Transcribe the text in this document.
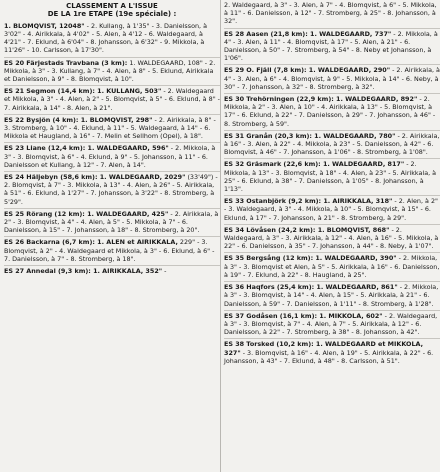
CLASSEMENT A L'ISSUE
DE LA 1re ETAPE (19e spéciale) :
1. BLOMQVIST, 12048" - 2. Kullang, à 1'35" - 3. Danielsson, à 3'02" - 4. Airikkala, à 4'02" - 5. Alen, à 4'12 - 6. Waldegaard, à 4'21" - 7. Eklund, à 6'04" - 8. Johansson, à 6'32" - 9. Mikkola, à 11'26" - 10. Carlsson, à 17'30".
ES 20 Färjestads Travbana (3 km): 1. WALDEGAARD, 108" - 2. Mikkola, à 3" - 3. Kullang, à 7" - 4. Alen, à 8" - 5. Eklund, Airikkala et Danielsson, à 9" - 8. Blomqvist, à 10".
ES 21 Segmon (14,4 km): 1. KULLANG, 503" - 2. Waldegaard et Mikkola, à 3" - 4. Alen, à 2" - 5. Blomqvist, à 5" - 6. Eklund, à 8" - 7. Airikkala, à 14" - 8. Alen, à 21".
ES 22 Bysjön (4 km): 1. BLOMQVIST, 298" - 2. Airikkala, à 8" - 3. Stromberg, à 10" - 4. Eklund, à 11" - 5. Waldegaard, à 14" - 6. Mikkola et Haugland, à 16" - 7. Melin et Sellhom (Opel), à 18".
ES 23 Liane (12,4 km): 1. WALDEGAARD, 596" - 2. Mikkola, à 3" - 3. Blomqvist, à 6" - 4. Eklund, à 9" - 5. Johansson, à 11" - 6. Danielsson et Kullang, à 12" - 7. Alen, à 14".
ES 24 Häljebyn (58,6 km): 1. WALDEGAARD, 2029" (33'49") - 2. Blomqvist, à 7" - 3. Mikkola, à 13" - 4. Alen, à 26" - 5. Airikkala, à 51" - 6. Eklund, à 1'27" - 7. Johansson, à 3'22" - 8. Stromberg, à 5'29".
ES 25 Rörang (12 km): 1. WALDEGAARD, 425" - 2. Airikkala, à 2" - 3. Blomqvist, à 4" - 4. Alen, à 5" - 5. Mikkola, à 7" - 6. Danielsson, à 15" - 7. Johansson, à 18" - 8. Stromberg, à 20".
ES 26 Backarna (6,7 km): 1. ALEN et AIRIKKALA, 229" - 3. Blomqvist, à 2" - 4. Waldegaard et Mikkola, à 3" - 6. Eklund, à 6" - 7. Danielsson, à 7" - 8. Stromberg, à 18".
ES 27 Annedal (9,3 km): 1. AIRIKKALA, 352" -
2. Waldegaard, à 3" - 3. Alen, à 7" - 4. Blomqvist, à 6" - 5. Mikkola, à 11" - 6. Danielsson, à 12" - 7. Stromberg, à 25" - 8. Johansson, à 32".
ES 28 Aasen (21,8 km): 1. WALDEGAARD, 737" - 2. Mikkola, à 4" - 3. Alen, à 11" - 4. Blomqvist, à 17" - 5. Alen, à 21" - 6. Danielsson, à 50" - 7. Stromberg, à 54" - 8. Neby et Johansson, à 1'06".
ES 29 O. Fjäll (7,8 km): 1. WALDEGAARD, 290" - 2. Airikkala, à 4" - 3. Alen, à 6" - 4. Blomqvist, à 9" - 5. Mikkola, à 14" - 6. Neby, à 30" - 7. Johansson, à 32" - 8. Stromberg, à 32".
ES 30 Trehörningen (22,9 km): 1. WALDEGAARD, 892" - 2. Mikkola, à 2" - 3. Alen, à 10" - 4. Airikkala, à 13" - 5. Blomqvist, à 17" - 6. Eklund, à 22" - 7. Danielsson, à 29" - 7. Johansson, à 46" - 8. Stromberg, à 59".
ES 31 Granån (20,3 km): 1. WALDEGAARD, 780" - 2. Airikkala, à 16" - 3. Alen, à 22" - 4. Mikkola, à 23" - 5. Danielsson, à 42" - 6. Blomqvist, à 46" - 7. Johansson, à 1'06" - 8. Stromberg, à 1'08".
ES 32 Gräsmark (22,6 km): 1. WALDEGAARD, 817" - 2. Mikkola, à 13" - 3. Blomqvist, à 18" - 4. Alen, à 23" - 5. Airikkala, à 25" - 6. Eklund, à 38" - 7. Danielsson, à 1'05" - 8. Johansson, à 1'13".
ES 33 Ostanbjörk (9,2 km): 1. AIRIKKALA, 318" - 2. Alen, à 2" - 3. Waldegaard, à 3" - 4. Mikkola, à 10" - 5. Blomqvist, à 15" - 6. Eklund, à 17" - 7. Johansson, à 21" - 8. Stromberg, à 29".
ES 34 Lövåsen (24,2 km): 1. BLOMQVIST, 868" - 2. Waldegaard, à 3" - 3. Airikkala, à 12" - 4. Alen, à 16" - 5. Mikkola, à 22" - 6. Danielsson, à 35" - 7. Johansson, à 44" - 8. Neby, à 1'07".
ES 35 Bergsång (12 km): 1. WALDEGAARD, 390" - 2. Mikkola, à 3" - 3. Blomqvist et Alen, à 5" - 5. Airikkala, à 16" - 6. Danielsson, à 19" - 7. Eklund, à 22" - 8. Haugland, à 25".
ES 36 Haqfors (25,4 km): 1. WALDEGAARD, 861" - 2. Mikkola, à 3" - 3. Blomqvist, à 14" - 4. Alen, à 15" - 5. Airikkala, à 21" - 6. Danielsson, à 59" - 7. Danielsson, à 1'11" - 8. Stromberg, à 1'28".
ES 37 Godåsen (16,1 km): 1. MIKKOLA, 602" - 2. Waldegaard, à 3" - 3. Blomqvist, à 7" - 4. Alen, à 7" - 5. Airikkala, à 12" - 6. Danielsson, à 22" - 7. Stromberg, à 38" - 8. Johansson, à 42".
ES 38 Torsked (10,2 km): 1. WALDEGAARD et MIKKOLA, 327" - 3. Blomqvist, à 16" - 4. Alen, à 19" - 5. Airikkala, à 22" - 6. Johansson, à 43" - 7. Eklund, à 48" - 8. Carlsson, à 51".
